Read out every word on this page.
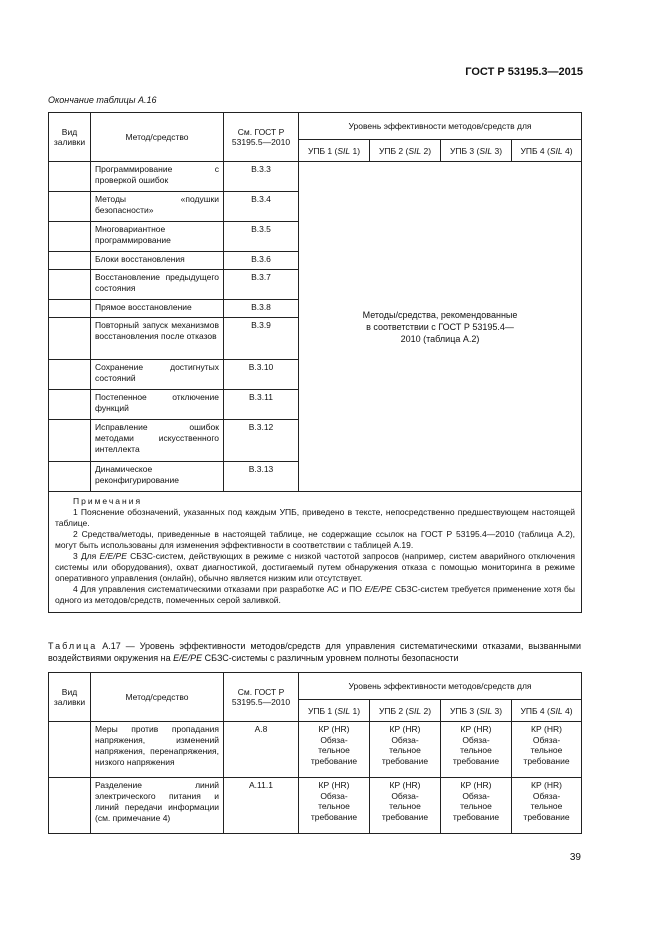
ГОСТ Р 53195.3—2015
Окончание таблицы А.16
Вид заливки	Метод/средство	См. ГОСТ Р 53195.5—2010	Уровень эффективности методов/средств для			
			УПБ 1 (SIL 1)	УПБ 2 (SIL 2)	УПБ 3 (SIL 3)	УПБ 4 (SIL 4)
	Программирование с проверкой ошибок	В.3.3	Методы/средства, рекомендованные в соответствии с ГОСТ Р 53195.4—2010 (таблица А.2)			
	Методы «подушки безопасности»	В.3.4				
	Многовариантное программирование	В.3.5				
	Блоки восстановления	В.3.6				
	Восстановление предыдущего состояния	В.3.7				
	Прямое восстановление	В.3.8				
	Повторный запуск механизмов восстановления после отказов	В.3.9				
	Сохранение достигнутых состояний	В.3.10				
	Постепенное отключение функций	В.3.11				
	Исправление ошибок методами искусственного интеллекта	В.3.12				
	Динамическое реконфигурирование	В.3.13				

Примечания

1 Пояснение обозначений, указанных под каждым УПБ, приведено в тексте, непосредственно предшествующем настоящей таблице.

2 Средства/методы, приведенные в настоящей таблице, не содержащие ссылок на ГОСТ Р 53195.4—2010 (таблица А.2), могут быть использованы для изменения эффективности в соответствии с таблицей А.19.

3 Для E/E/PE СБЗС-систем, действующих в режиме с низкой частотой запросов (например, систем аварийного отключения системы или оборудования), охват диагностикой, достигаемый путем обнаружения отказа с помощью мониторинга в режиме оперативного управления (онлайн), обычно является низким или отсутствует.

4 Для управления систематическими отказами при разработке АС и ПО E/E/PE СБЗС-систем требуется применение хотя бы одного из методов/средств, помеченных серой заливкой.						

Таблица А.17 — Уровень эффективности методов/средств для управления систематическими отказами, вызванными воздействиями окружения на E/E/PE СБЗС-системы с различным уровнем полноты безопасности
Вид заливки	Метод/средство	См. ГОСТ Р 53195.5—2010	Уровень эффективности методов/средств для			
			УПБ 1 (SIL 1)	УПБ 2 (SIL 2)	УПБ 3 (SIL 3)	УПБ 4 (SIL 4)
	Меры против пропадания напряжения, изменений напряжения, перенапряжения, низкого напряжения	А.8	КР (HR)
Обяза-
тельное
требование	КР (HR)
Обяза-
тельное
требование	КР (HR)
Обяза-
тельное
требование	КР (HR)
Обяза-
тельное
требование
	Разделение линий электрического питания и линий передачи информации (см. примечание 4)	А.11.1	КР (HR)
Обяза-
тельное
требование	КР (HR)
Обяза-
тельное
требование	КР (HR)
Обяза-
тельное
требование	КР (HR)
Обяза-
тельное
требование
39
